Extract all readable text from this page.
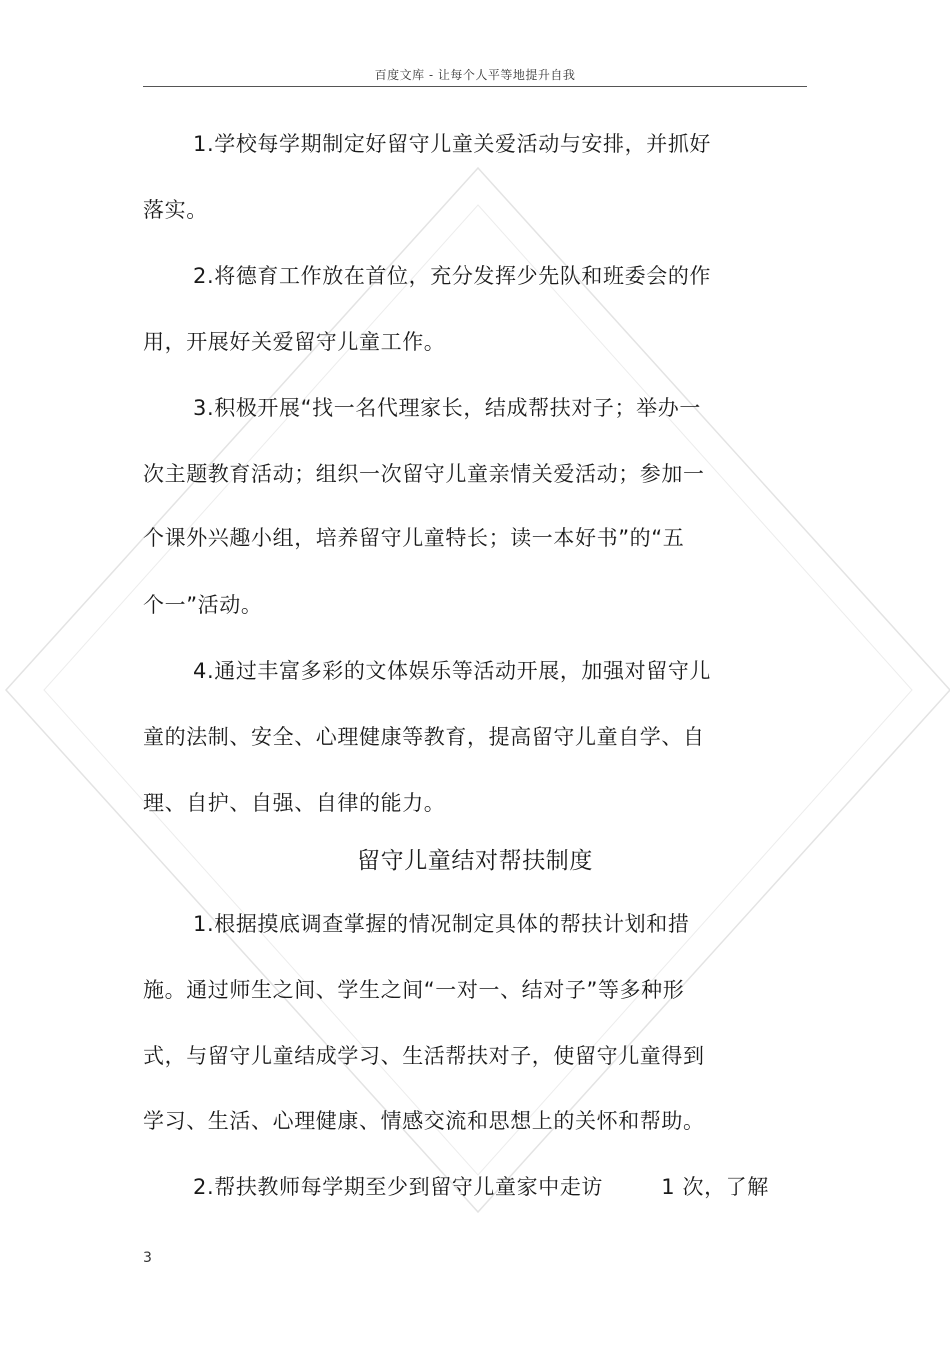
百度文库 - 让每个人平等地提升自我
1.学校每学期制定好留守儿童关爱活动与安排，并抓好
落实。
2.将德育工作放在首位，充分发挥少先队和班委会的作
用，开展好关爱留守儿童工作。
3.积极开展“找一名代理家长，结成帮扶对子；举办一
次主题教育活动；组织一次留守儿童亲情关爱活动；参加一
个课外兴趣小组，培养留守儿童特长；读一本好书”的“五
个一”活动。
4.通过丰富多彩的文体娱乐等活动开展，加强对留守儿
童的法制、安全、心理健康等教育，提高留守儿童自学、自
理、自护、自强、自律的能力。
留守儿童结对帮扶制度
1.根据摸底调查掌握的情况制定具体的帮扶计划和措
施。通过师生之间、学生之间“一对一、结对子”等多种形
式，与留守儿童结成学习、生活帮扶对子，使留守儿童得到
学习、生活、心理健康、情感交流和思想上的关怀和帮助。
2.帮扶教师每学期至少到留守儿童家中走访        1 次，了解
3
